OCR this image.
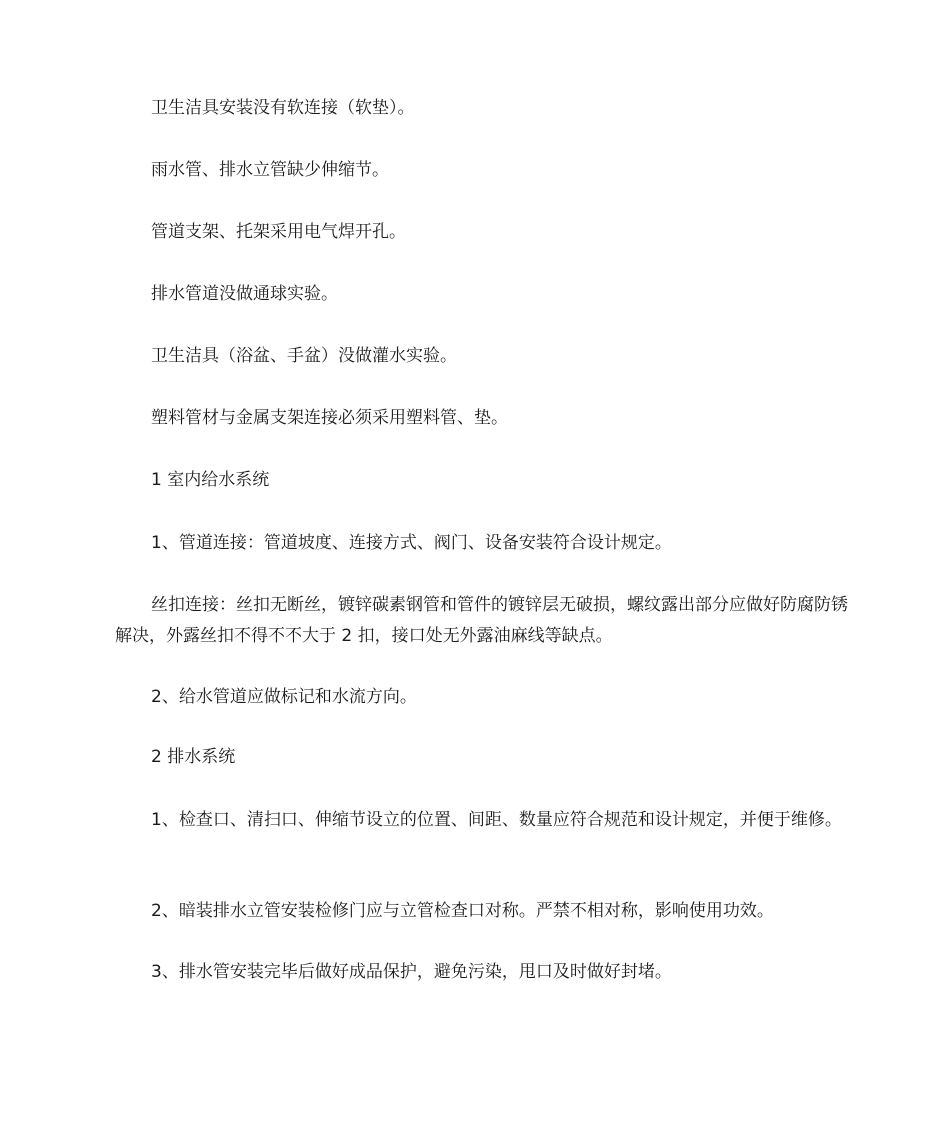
卫生洁具安装没有软连接（软垫）。

雨水管、排水立管缺少伸缩节。

管道支架、托架采用电气焊开孔。

排水管道没做通球实验。

卫生洁具（浴盆、手盆）没做灌水实验。

塑料管材与金属支架连接必须采用塑料管、垫。

1 室内给水系统

1、管道连接：管道坡度、连接方式、阀门、设备安装符合设计规定。

丝扣连接：丝扣无断丝，镀锌碳素钢管和管件的镀锌层无破损，螺纹露出部分应做好防腐防锈解决，外露丝扣不得不不大于 2 扣，接口处无外露油麻线等缺点。

2、给水管道应做标记和水流方向。

2 排水系统

1、检查口、清扫口、伸缩节设立的位置、间距、数量应符合规范和设计规定，并便于维修。

2、暗装排水立管安装检修门应与立管检查口对称。严禁不相对称，影响使用功效。

3、排水管安装完毕后做好成品保护，避免污染，甩口及时做好封堵。
